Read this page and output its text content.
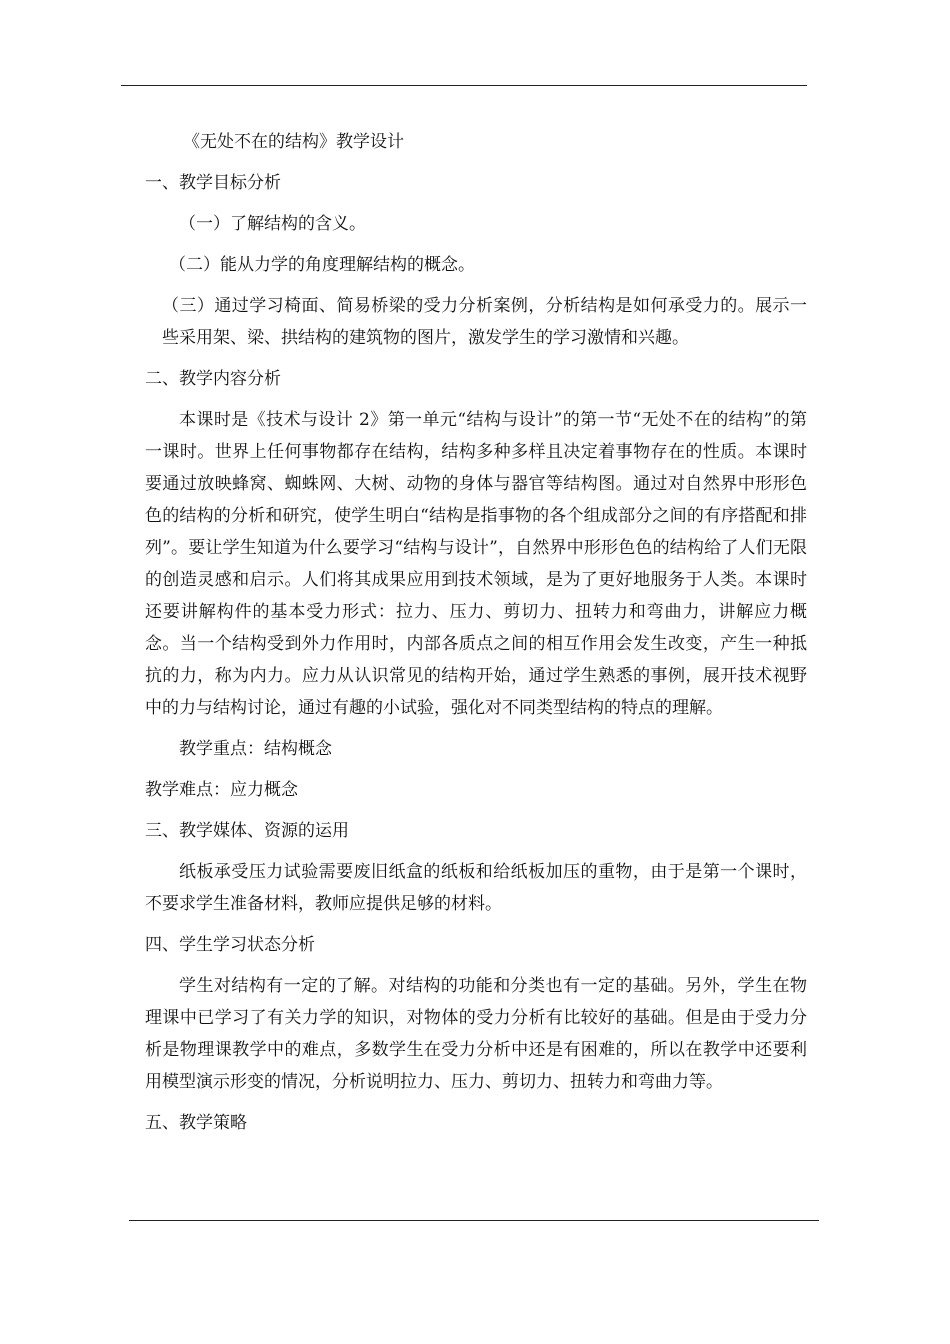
《无处不在的结构》教学设计

一、教学目标分析

（一）了解结构的含义。

（二）能从力学的角度理解结构的概念。

（三）通过学习椅面、简易桥梁的受力分析案例，分析结构是如何承受力的。展示一些采用架、梁、拱结构的建筑物的图片，激发学生的学习激情和兴趣。

二、教学内容分析

本课时是《技术与设计 2》第一单元“结构与设计”的第一节“无处不在的结构”的第一课时。世界上任何事物都存在结构，结构多种多样且决定着事物存在的性质。本课时要通过放映蜂窝、蜘蛛网、大树、动物的身体与器官等结构图。通过对自然界中形形色色的结构的分析和研究，使学生明白“结构是指事物的各个组成部分之间的有序搭配和排列”。要让学生知道为什么要学习“结构与设计”，自然界中形形色色的结构给了人们无限的创造灵感和启示。人们将其成果应用到技术领域，是为了更好地服务于人类。本课时还要讲解构件的基本受力形式：拉力、压力、剪切力、扭转力和弯曲力，讲解应力概念。当一个结构受到外力作用时，内部各质点之间的相互作用会发生改变，产生一种抵抗的力，称为内力。应力从认识常见的结构开始，通过学生熟悉的事例，展开技术视野中的力与结构讨论，通过有趣的小试验，强化对不同类型结构的特点的理解。

教学重点：结构概念

教学难点：应力概念

三、教学媒体、资源的运用

纸板承受压力试验需要废旧纸盒的纸板和给纸板加压的重物，由于是第一个课时，不要求学生准备材料，教师应提供足够的材料。

四、学生学习状态分析

学生对结构有一定的了解。对结构的功能和分类也有一定的基础。另外，学生在物理课中已学习了有关力学的知识，对物体的受力分析有比较好的基础。但是由于受力分析是物理课教学中的难点，多数学生在受力分析中还是有困难的，所以在教学中还要利用模型演示形变的情况，分析说明拉力、压力、剪切力、扭转力和弯曲力等。

五、教学策略
